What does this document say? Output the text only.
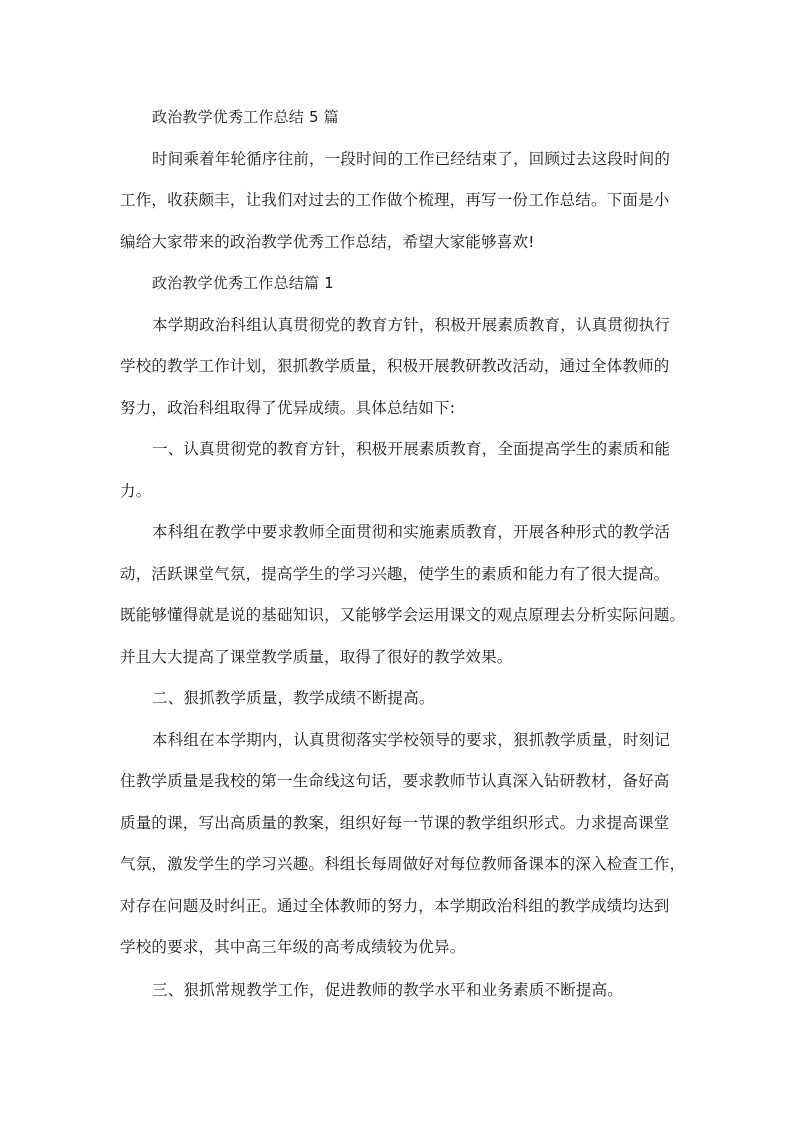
政治教学优秀工作总结 5 篇
时间乘着年轮循序往前，一段时间的工作已经结束了，回顾过去这段时间的
工作，收获颇丰，让我们对过去的工作做个梳理，再写一份工作总结。下面是小
编给大家带来的政治教学优秀工作总结，希望大家能够喜欢!
政治教学优秀工作总结篇 1
本学期政治科组认真贯彻党的教育方针，积极开展素质教育，认真贯彻执行
学校的教学工作计划，狠抓教学质量，积极开展教研教改活动，通过全体教师的
努力，政治科组取得了优异成绩。具体总结如下:
一、认真贯彻党的教育方针，积极开展素质教育，全面提高学生的素质和能
力。
本科组在教学中要求教师全面贯彻和实施素质教育，开展各种形式的教学活
动，活跃课堂气氛，提高学生的学习兴趣，使学生的素质和能力有了很大提高。
既能够懂得就是说的基础知识，又能够学会运用课文的观点原理去分析实际问题。
并且大大提高了课堂教学质量，取得了很好的教学效果。
二、狠抓教学质量，教学成绩不断提高。
本科组在本学期内，认真贯彻落实学校领导的要求，狠抓教学质量，时刻记
住教学质量是我校的第一生命线这句话，要求教师节认真深入钻研教材，备好高
质量的课，写出高质量的教案，组织好每一节课的教学组织形式。力求提高课堂
气氛，激发学生的学习兴趣。科组长每周做好对每位教师备课本的深入检查工作，
对存在问题及时纠正。通过全体教师的努力，本学期政治科组的教学成绩均达到
学校的要求，其中高三年级的高考成绩较为优异。
三、狠抓常规教学工作，促进教师的教学水平和业务素质不断提高。
